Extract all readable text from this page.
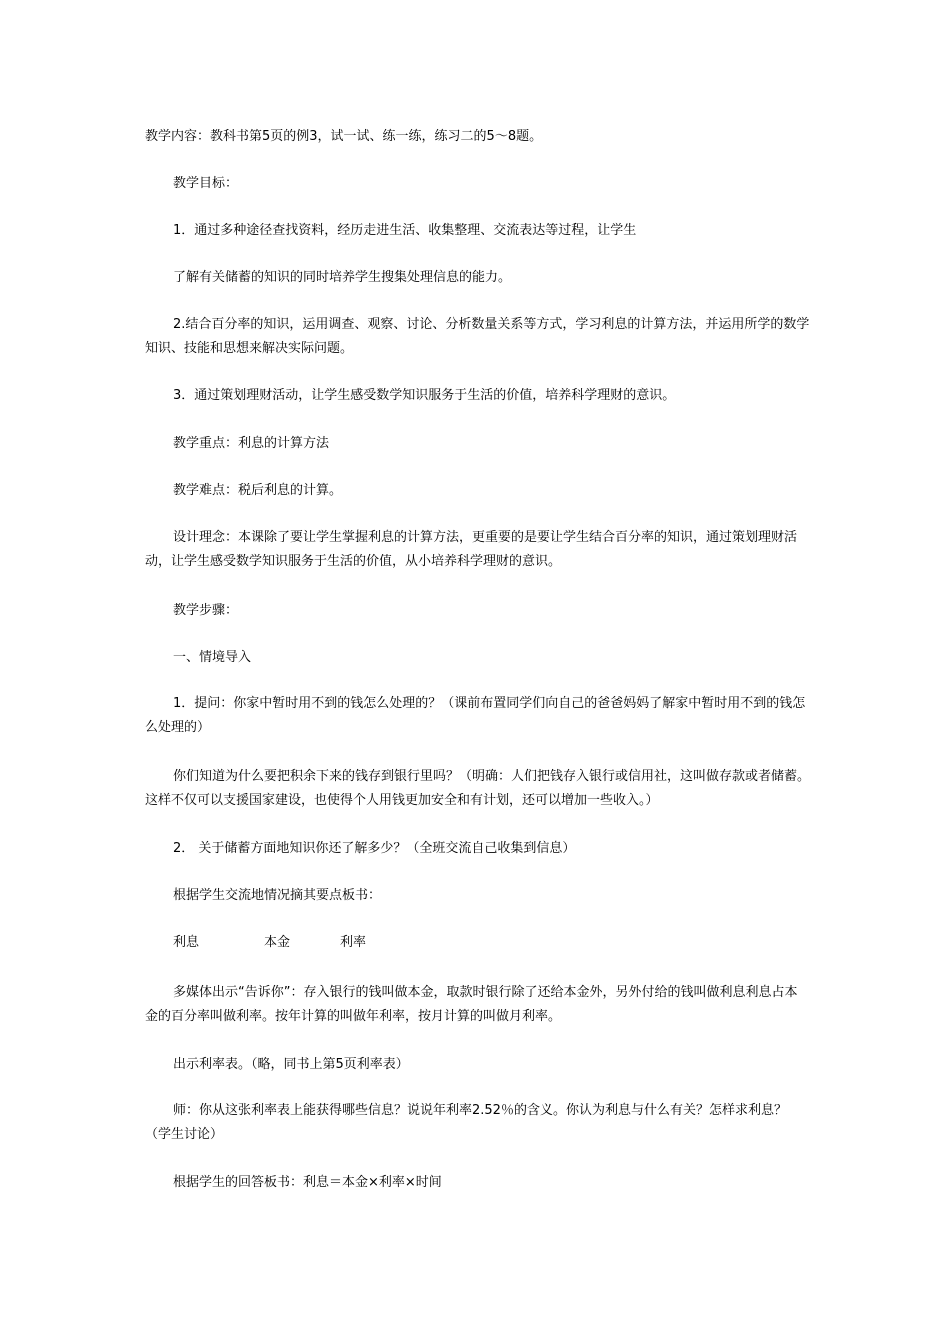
教学内容：教科书第5页的例3，试一试、练一练，练习二的5～8题。

教学目标：

1．通过多种途径查找资料，经历走进生活、收集整理、交流表达等过程，让学生

了解有关储蓄的知识的同时培养学生搜集处理信息的能力。

2.结合百分率的知识，运用调查、观察、讨论、分析数量关系等方式，学习利息的计算方法，并运用所学的数学知识、技能和思想来解决实际问题。

3．通过策划理财活动，让学生感受数学知识服务于生活的价值，培养科学理财的意识。

教学重点：利息的计算方法

教学难点：税后利息的计算。

设计理念：本课除了要让学生掌握利息的计算方法，更重要的是要让学生结合百分率的知识，通过策划理财活动，让学生感受数学知识服务于生活的价值，从小培养科学理财的意识。

教学步骤：

一、情境导入

1．提问：你家中暂时用不到的钱怎么处理的？（课前布置同学们向自己的爸爸妈妈了解家中暂时用不到的钱怎么处理的）

你们知道为什么要把积余下来的钱存到银行里吗？（明确：人们把钱存入银行或信用社，这叫做存款或者储蓄。这样不仅可以支援国家建设，也使得个人用钱更加安全和有计划，还可以增加一些收入。）

2． 关于储蓄方面地知识你还了解多少？（全班交流自己收集到信息）

根据学生交流地情况摘其要点板书：

利息	本金	利率

多媒体出示“告诉你”：存入银行的钱叫做本金，取款时银行除了还给本金外，另外付给的钱叫做利息利息占本金的百分率叫做利率。按年计算的叫做年利率，按月计算的叫做月利率。

出示利率表。（略，同书上第5页利率表）

师：你从这张利率表上能获得哪些信息？说说年利率2.52％的含义。你认为利息与什么有关？怎样求利息？（学生讨论）

根据学生的回答板书：利息＝本金×利率×时间
